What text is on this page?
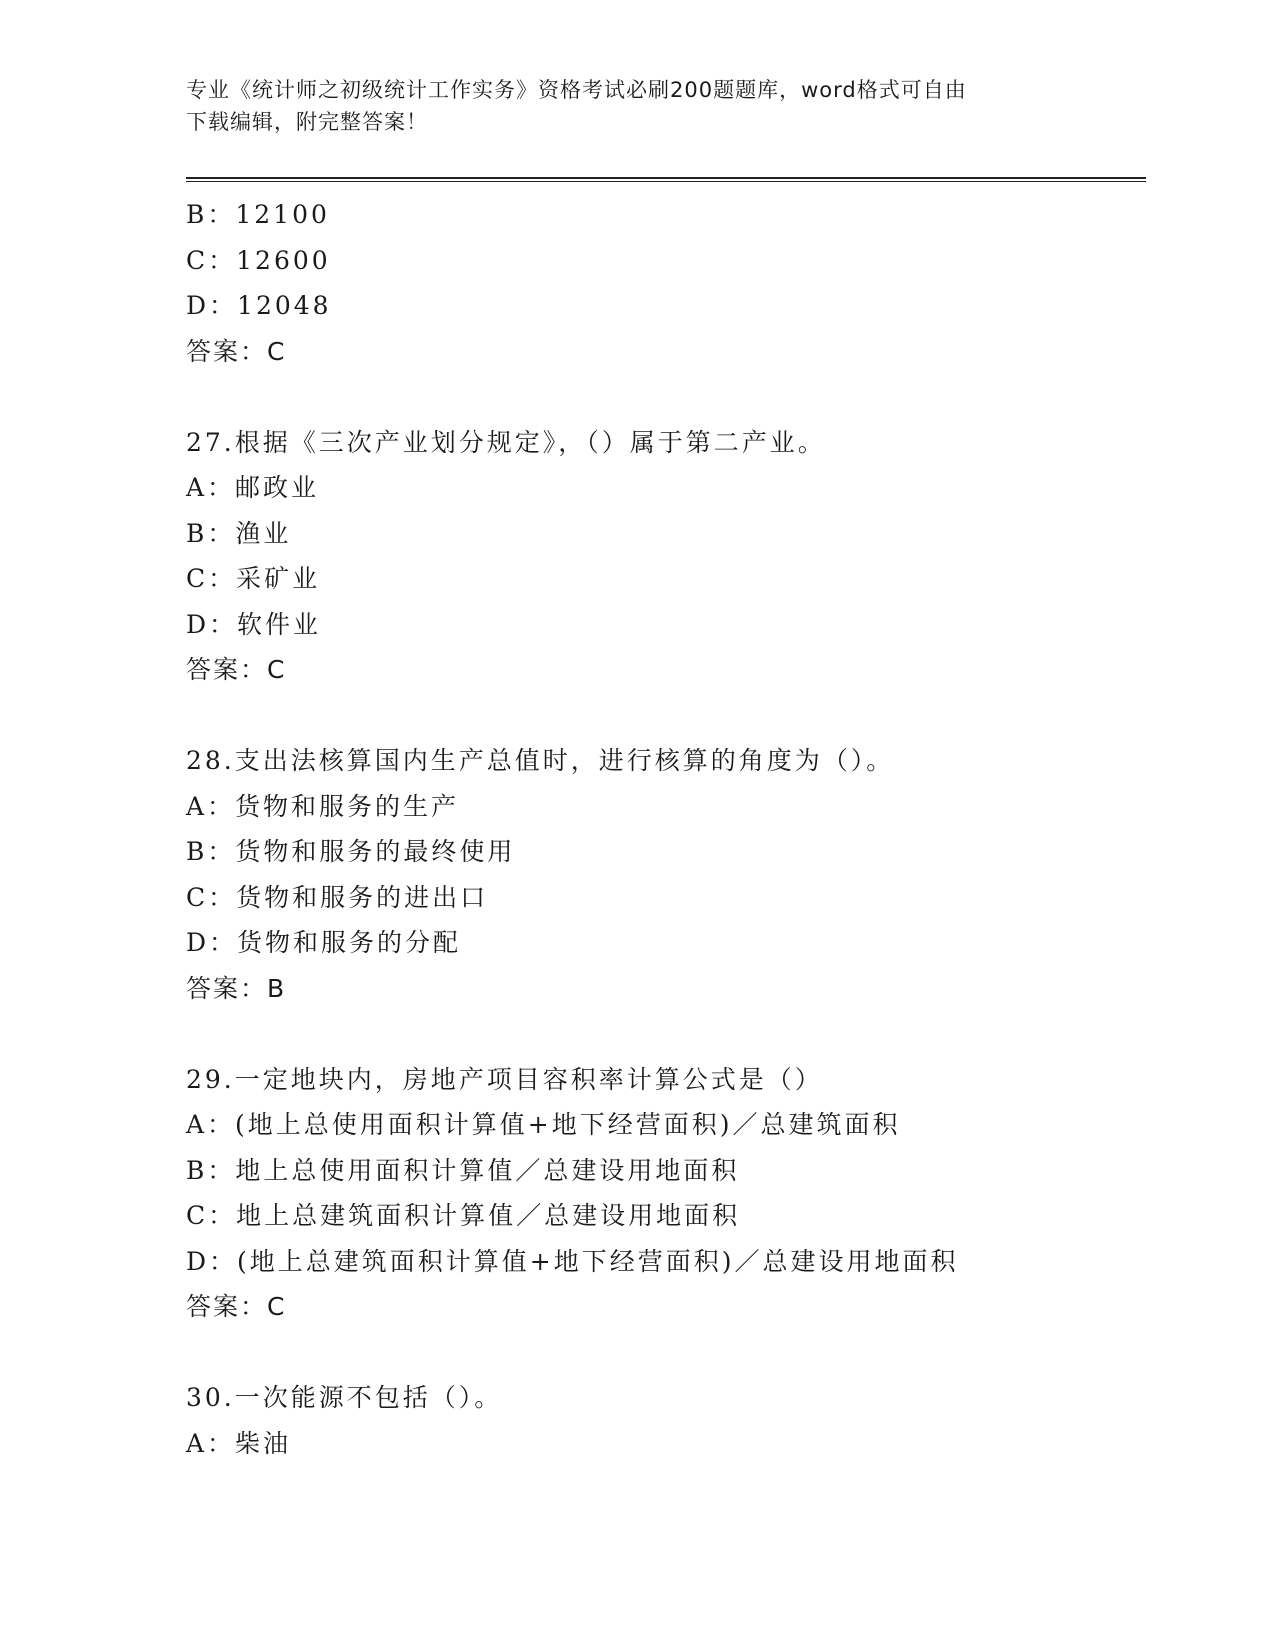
专业《统计师之初级统计工作实务》资格考试必刷200题题库，word格式可自由
下载编辑，附完整答案！
B：12100
C：12600
D：12048
答案：C
27.根据《三次产业划分规定》，（）属于第二产业。
A：邮政业
B：渔业
C：采矿业
D：软件业
答案：C
28.支出法核算国内生产总值时，进行核算的角度为（）。
A：货物和服务的生产
B：货物和服务的最终使用
C：货物和服务的进出口
D：货物和服务的分配
答案：B
29.一定地块内，房地产项目容积率计算公式是（）
A：(地上总使用面积计算值+地下经营面积)／总建筑面积
B：地上总使用面积计算值／总建设用地面积
C：地上总建筑面积计算值／总建设用地面积
D：(地上总建筑面积计算值+地下经营面积)／总建设用地面积
答案：C
30.一次能源不包括（）。
A：柴油
